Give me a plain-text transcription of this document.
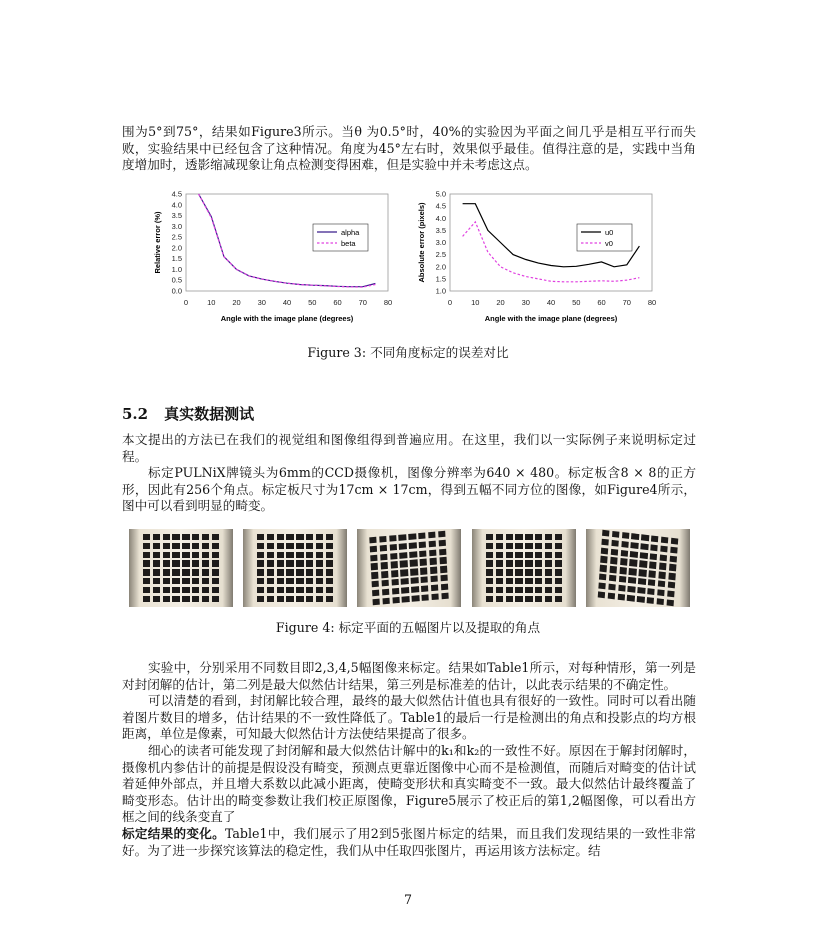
围为5°到75°，结果如Figure3所示。当θ 为0.5°时，40%的实验因为平面之间几乎是相互平行而失败，实验结果中已经包含了这种情况。角度为45°左右时，效果似乎最佳。值得注意的是，实践中当角度增加时，透影缩减现象让角点检测变得困难，但是实验中并未考虑这点。

0	10 20 30 40 50 60 70 80
0.0
0.5
1.0
1.5
2.0
2.5
3.0
3.5
4.0
4.5
Angle with the image plane (degrees)
Relative error (%)	alpha
beta
0	10 20 30 40 50 60 70 80
1.0
1.5
2.0
2.5
3.0
3.5
4.0
4.5
5.0
Angle with the image plane (degrees)
Absolute error (pixels)	u0
v0
Figure 3: 不同角度标定的误差对比
5.2 真实数据测试

本文提出的方法已在我们的视觉组和图像组得到普遍应用。在这里，我们以一实际例子来说明标定过程。

标定PULNiX牌镜头为6mm的CCD摄像机，图像分辨率为640 × 480。标定板含8 × 8的正方形，因此有256个角点。标定板尺寸为17cm × 17cm，得到五幅不同方位的图像，如Figure4所示，图中可以看到明显的畸变。

Figure 4: 标定平面的五幅图片以及提取的角点

实验中，分别采用不同数目即2,3,4,5幅图像来标定。结果如Table1所示，对每种情形，第一列是对封闭解的估计，第二列是最大似然估计结果，第三列是标准差的估计，以此表示结果的不确定性。

可以清楚的看到，封闭解比较合理，最终的最大似然估计值也具有很好的一致性。同时可以看出随着图片数目的增多，估计结果的不一致性降低了。Table1的最后一行是检测出的角点和投影点的均方根距离，单位是像素，可知最大似然估计方法使结果提高了很多。

细心的读者可能发现了封闭解和最大似然估计解中的k₁和k₂的一致性不好。原因在于解封闭解时，摄像机内参估计的前提是假设没有畸变，预测点更靠近图像中心而不是检测值，而随后对畸变的估计试着延伸外部点，并且增大系数以此减小距离，使畸变形状和真实畸变不一致。最大似然估计最终覆盖了畸变形态。估计出的畸变参数让我们校正原图像，Figure5展示了校正后的第1,2幅图像，可以看出方框之间的线条变直了

标定结果的变化。Table1中，我们展示了用2到5张图片标定的结果，而且我们发现结果的一致性非常好。为了进一步探究该算法的稳定性，我们从中任取四张图片，再运用该方法标定。结

7
